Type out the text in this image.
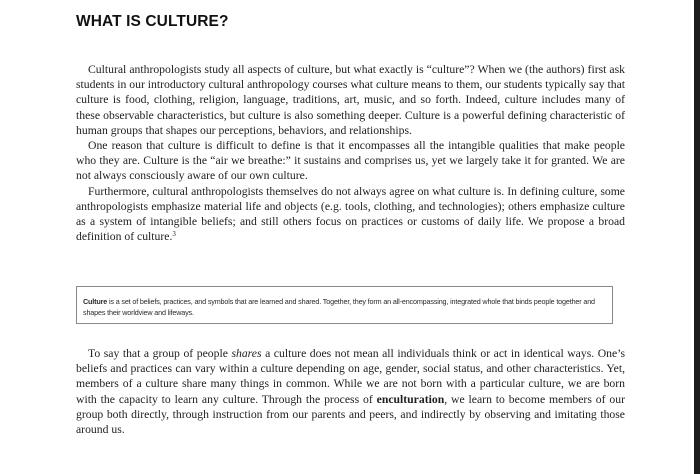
WHAT IS CULTURE?

Cultural anthropologists study all aspects of culture, but what exactly is “culture”? When we (the authors) first ask students in our introductory cultural anthropology courses what culture means to them, our students typically say that culture is food, clothing, religion, language, traditions, art, music, and so forth. Indeed, culture includes many of these observable characteristics, but culture is also something deeper. Culture is a powerful defining characteristic of human groups that shapes our perceptions, behaviors, and relationships.

One reason that culture is difficult to define is that it encompasses all the intangible qualities that make people who they are. Culture is the “air we breathe:” it sustains and comprises us, yet we largely take it for granted. We are not always consciously aware of our own culture.

Furthermore, cultural anthropologists themselves do not always agree on what culture is. In defining culture, some anthropologists emphasize material life and objects (e.g. tools, clothing, and technologies); others emphasize culture as a system of intangible beliefs; and still others focus on practices or customs of daily life. We propose a broad definition of culture.$^3$

Culture is a set of beliefs, practices, and symbols that are learned and shared. Together, they form an all-encompassing, integrated whole that binds people together and shapes their worldview and lifeways.

To say that a group of people shares a culture does not mean all individuals think or act in identical ways. One’s beliefs and practices can vary within a culture depending on age, gender, social status, and other characteristics. Yet, members of a culture share many things in common. While we are not born with a particular culture, we are born with the capacity to learn any culture. Through the process of enculturation, we learn to become members of our group both directly, through instruction from our parents and peers, and indirectly by observing and imitating those around us.
